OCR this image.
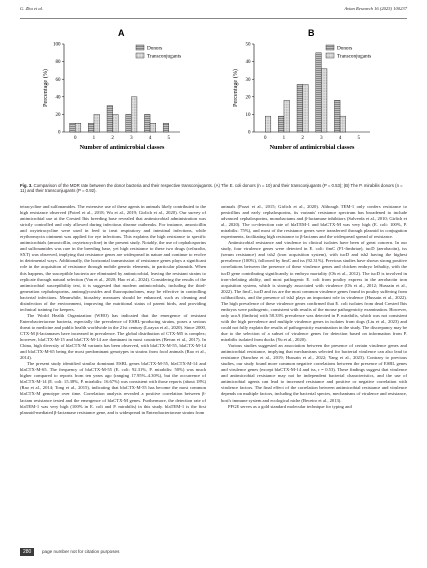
G. Zhu et al.	Avian Research 16 (2025) 100237
A
0
20
40
60
80
100
0	1	2	3	4	5
Number of antimicrobial classes
Percentage (%)
Donors
Transconjugants
B
0
10
20
30
40
50
0	1	2	3	4	5
Number of antimicrobial classes
Percentage (%)
Donors
Transconjugants
Fig. 3. Comparison of the MDR rate between the donor bacteria and their respective transconjugants. (A) The E. coli donors (n = 10) and their transconjugants (P = 0.53); (B) The P. mirabilis donors (n = 11) and their transconjugants (P = 0.92).

tetracycline and sulfonamides. The extensive use of these agents in animals likely contributed to the high resistance observed (Poirel et al., 2018; Wu et al., 2019; Girlich et al., 2020). Our survey of antimicrobial use at the Crested Ibis breeding base revealed that antimicrobial administration was strictly controlled and only allowed during infectious disease outbreaks. For instance, amoxicillin and oxytetracycline were used in feed to treat respiratory and intestinal infections, while erythromycin ointment was applied for eye infections. This explains the high resistance to specific antimicrobials (amoxicillin, oxytetracycline) in the present study. Notably, the use of cephalosporins and sulfonamides was rare in the breeding base, yet high resistance to these two drugs (cefazolin, SXT) was observed, implying that resistance genes are widespread in nature and continue to evolve in detrimental ways. Additionally, the horizontal transmission of resistance genes plays a significant role in the acquisition of resistance through mobile genetic elements, in particular plasmids. When this happens, the susceptible bacteria are eliminated by antimicrobial, leaving the resistant strains to replicate through natural selection (Van et al., 2020; Hao et al., 2024). Considering the results of the antimicrobial susceptibility test, it is suggested that modern antimicrobials, including the third-generation cephalosporins, aminoglycosides and fluoroquinolones, may be effective in controlling bacterial infections. Meanwhile, biosafety measures should be enhanced, such as cleaning and disinfection of the environment, improving the nutritional status of parent birds, and providing technical training for keepers.

The World Health Organization (WHO) has indicated that the emergence of resistant Enterobacteriaceae bacteria, especially the prevalence of ESBL-producing strains, poses a serious threat to medicine and public health worldwide in the 21st century (Loayza et al., 2020). Since 2000, CTX-M β-lactamases have increased in prevalence. The global distribution of CTX-M5 is complex; however, blaCTX-M-15 and blaCTX-M-14 are dominant in most countries (Bevan et al., 2017). In China, high diversity of blaCTX-M variants has been observed, with blaCTX-M-55, blaCTX-M-14 and blaCTX-M-65 being the most predominant genotypes in strains from food animals (Rao et al., 2014).

The present study identified similar dominant ESBL genes blaCTX-M-55, blaCTX-M-14 and blaCTX-M-65. The frequency of blaCTX-M-55 (E. coli: 92.31%, P. mirabilis: 50%) was much higher compared to reports from ten years ago (ranging 17.95%–4.30%), but the occurrence of blaCTX-M-14 (E. coli: 15.38%, P. mirabilis: 16.67%) was consistent with those reports (about 18%) (Rao et al., 2014; Tong et al., 2015), indicating that blaCTX-M-55 has become the most common blaCTX-M genotype over time. Correlation analysis revealed a positive correlation between β-lactam resistance tested and the emergence of blaCTX-M genes. Furthermore, the detection rate of blaTEM-1 was very high (100% in E. coli and P. mirabilis) in this study. blaTEM-1 is the first plasmid-mediated β-lactamase resistance gene, and is widespread in Enterobacteriaceae strains from

animals (Pozzi et al., 2015; Girlich et al., 2020). Although TEM-1 only confers resistance to penicillins and early cephalosporins, its variants' resistance spectrum has broadened to include advanced cephalosporins, monobactams and β-lactamase inhibitors (Salverda et al., 2010; Girlich et al., 2020). The co-detection rate of blaTEM-1 and blaCTX-M was very high (E. coli: 100%, P. mirabilis: 75%), and most of the resistance genes were transferred through plasmid in conjugation experiments, facilitating high resistance to β-lactams and the widespread spread of resistance.

Antimicrobial resistance and virulence in clinical isolates have been of great concern. In our study, four virulence genes were detected in E. coli: fimC (F1-fimbriae), iucD (aerobactin), iss (serum resistance) and tsh2 (iron acquisition system), with iucD and tsh2 having the highest prevalence (100%), followed by fimC and iss (92.31%). Previous studies have shown strong positive correlations between the presence of these virulence genes and chicken embryo lethality, with the iucD gene contributing significantly to embryo mortality (Oh et al., 2012). The iucD is involved in iron-chelating ability, and most pathogenic E. coli from poultry express in the aerobactin iron acquisition system, which is strongly associated with virulence (Oh et al., 2012; Hussain et al., 2022). The fimC, iucD and iss are the most common virulence genes found in poultry suffering from colibacillosis, and the presence of tsh2 plays an important role in virulence (Hussain et al., 2022). The high prevalence of these virulence genes confirmed that E. coli isolates from dead Crested Ibis embryos were pathogenic, consistent with results of the mouse pathogenicity examination. However, only ucoA (fimbria) with 58.33% prevalence was detected in P. mirabilis, which was not consistent with the high prevalence and multiple virulence genes in isolates from dogs (Liu et al., 2023) and could not fully explain the results of pathogenicity examination in the study. The discrepancy may be due to the selection of a subset of virulence genes for detection based on information from P. mirabilis isolated from ducks (Yu et al., 2020).

Various studies suggested an association between the presence of certain virulence genes and antimicrobial resistance, implying that mechanisms selected for bacterial virulence can also lead to resistance (Sanchez et al., 2019; Hussain et al., 2022; Yang et al., 2023). Contrary to previous studies, our study found more common negative correlations between the presence of ESBL genes and virulence genes (except blaCTX-M-14 and iss, r = 0.53). These findings suggest that virulence and antimicrobial resistance may not be independent bacterial characteristics, and the use of antimicrobial agents can lead to increased resistance and positive or negative correlation with virulence factors. The final effect of the correlation between antimicrobial resistance and virulence depends on multiple factors, including the bacterial species, mechanisms of virulence and resistance, host's immune system and ecological niche (Beceiro et al., 2013).

PFGE serves as a gold standard molecular technique for typing and

280	page number not for citation purposes
